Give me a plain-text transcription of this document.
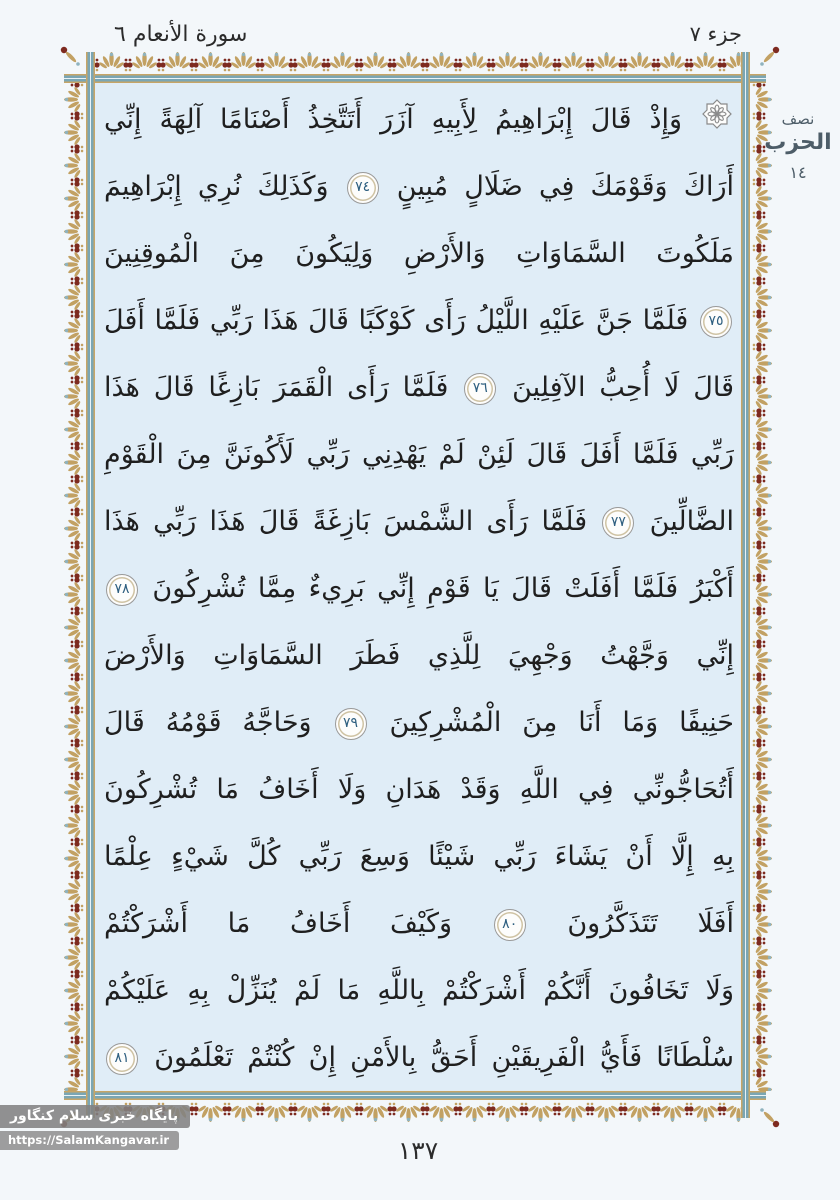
جزء ٧
سورة الأنعام ٦
وَإِذْ قَالَ إِبْرَاهِيمُ لِأَبِيهِ آزَرَ أَتَتَّخِذُ أَصْنَامًا آلِهَةً إِنِّي
أَرَاكَ وَقَوْمَكَ فِي ضَلَالٍ مُبِينٍ ٧٤ وَكَذَلِكَ نُرِي إِبْرَاهِيمَ
مَلَكُوتَ السَّمَاوَاتِ وَالأَرْضِ وَلِيَكُونَ مِنَ الْمُوقِنِينَ
٧٥ فَلَمَّا جَنَّ عَلَيْهِ اللَّيْلُ رَأَى كَوْكَبًا قَالَ هَذَا رَبِّي فَلَمَّا أَفَلَ
قَالَ لَا أُحِبُّ الآفِلِينَ ٧٦ فَلَمَّا رَأَى الْقَمَرَ بَازِغًا قَالَ هَذَا
رَبِّي فَلَمَّا أَفَلَ قَالَ لَئِنْ لَمْ يَهْدِنِي رَبِّي لَأَكُونَنَّ مِنَ الْقَوْمِ
الضَّالِّينَ ٧٧ فَلَمَّا رَأَى الشَّمْسَ بَازِغَةً قَالَ هَذَا رَبِّي هَذَا
أَكْبَرُ فَلَمَّا أَفَلَتْ قَالَ يَا قَوْمِ إِنِّي بَرِيءٌ مِمَّا تُشْرِكُونَ ٧٨
إِنِّي وَجَّهْتُ وَجْهِيَ لِلَّذِي فَطَرَ السَّمَاوَاتِ وَالأَرْضَ
حَنِيفًا وَمَا أَنَا مِنَ الْمُشْرِكِينَ ٧٩ وَحَاجَّهُ قَوْمُهُ قَالَ
أَتُحَاجُّونِّي فِي اللَّهِ وَقَدْ هَدَانِ وَلَا أَخَافُ مَا تُشْرِكُونَ
بِهِ إِلَّا أَنْ يَشَاءَ رَبِّي شَيْئًا وَسِعَ رَبِّي كُلَّ شَيْءٍ عِلْمًا
أَفَلَا تَتَذَكَّرُونَ ٨٠ وَكَيْفَ أَخَافُ مَا أَشْرَكْتُمْ
وَلَا تَخَافُونَ أَنَّكُمْ أَشْرَكْتُمْ بِاللَّهِ مَا لَمْ يُنَزِّلْ بِهِ عَلَيْكُمْ
سُلْطَانًا فَأَيُّ الْفَرِيقَيْنِ أَحَقُّ بِالأَمْنِ إِنْ كُنْتُمْ تَعْلَمُونَ ٨١
نصف
الحزب
١٤
١٣٧
پایگاه خبری سلام کنگاور
https://SalamKangavar.ir
